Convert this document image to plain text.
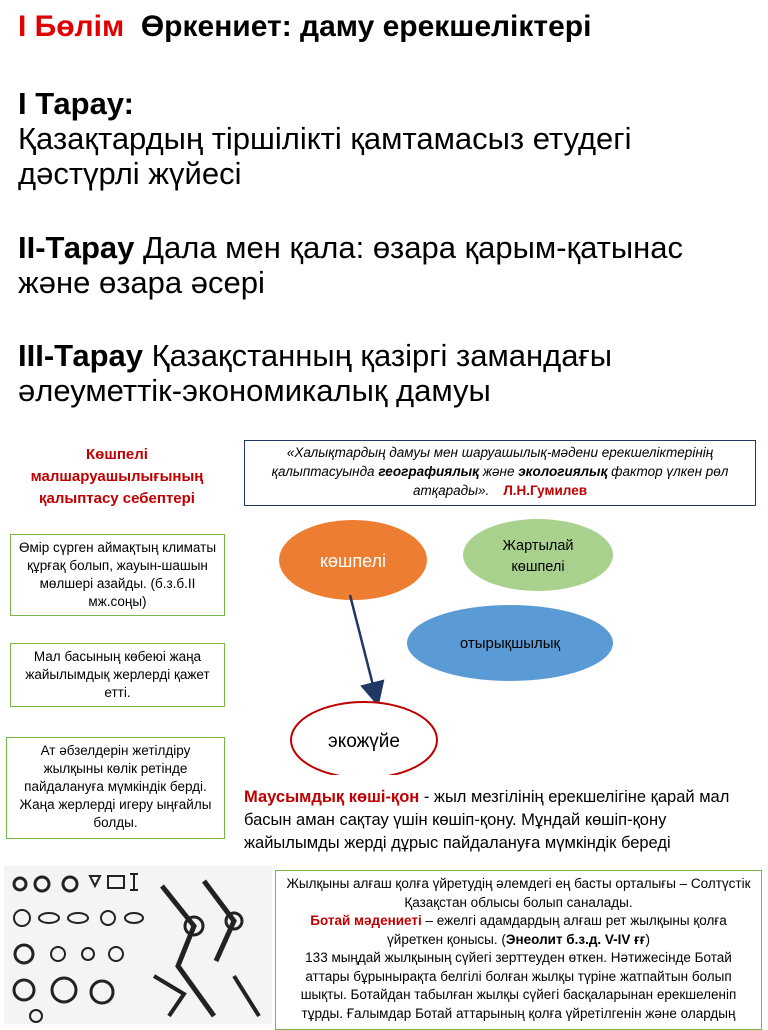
I Бөлім Өркениет: даму ерекшеліктері
I Тарау:
Қазақтардың тіршілікті қамтамасыз етудегі
дәстүрлі жүйесі
II-Тарау Дала мен қала: өзара қарым-қатынас
және өзара әсері
III-Тарау Қазақстанның қазіргі замандағы
әлеуметтік-экономикалық дамуы
Көшпелі
малшаруашылығының
қалыптасу себептері
Өмір сүрген аймақтың климаты құрғақ болып, жауын-шашын мөлшері азайды. (б.з.б.ІІ мж.соңы)
Мал басының көбеюі жаңа жайылымдық жерлерді қажет етті.
Ат әбзелдерін жетілдіру жылқыны көлік ретінде пайдалануға мүмкіндік берді.
Жаңа жерлерді игеру ыңғайлы болды.
«Халықтардың дамуы мен шаруашылық-мәдени ерекшеліктерінің қалыптасуында географиялық және экологиялық фактор үлкен рөл атқарады». Л.Н.Гумилев
көшпелі
Жартылай
көшпелі
отырықшылық
экожүйе
Маусымдық көші-қон - жыл мезгілінің ерекшелігіне қарай мал басын аман сақтау үшін көшіп-қону. Мұндай көшіп-қону жайылымды жерді дұрыс пайдалануға мүмкіндік береді
Жылқыны алғаш қолға үйретудің әлемдегі ең басты орталығы – Солтүстік Қазақстан облысы болып саналады.
Ботай мәдениеті – ежелгі адамдардың алғаш рет жылқыны қолға үйреткен қонысы. (Энеолит б.з.д. V-IV ғғ)
133 мыңдай жылқының сүйегі зерттеуден өткен. Нәтижесінде Ботай аттары бұрынырақта белгілі болған жылқы түріне жатпайтын болып шықты. Ботайдан табылған жылқы сүйегі басқаларынан ерекшеленіп тұрды. Ғалымдар Ботай аттарының қолға үйретілгенін және олардың
